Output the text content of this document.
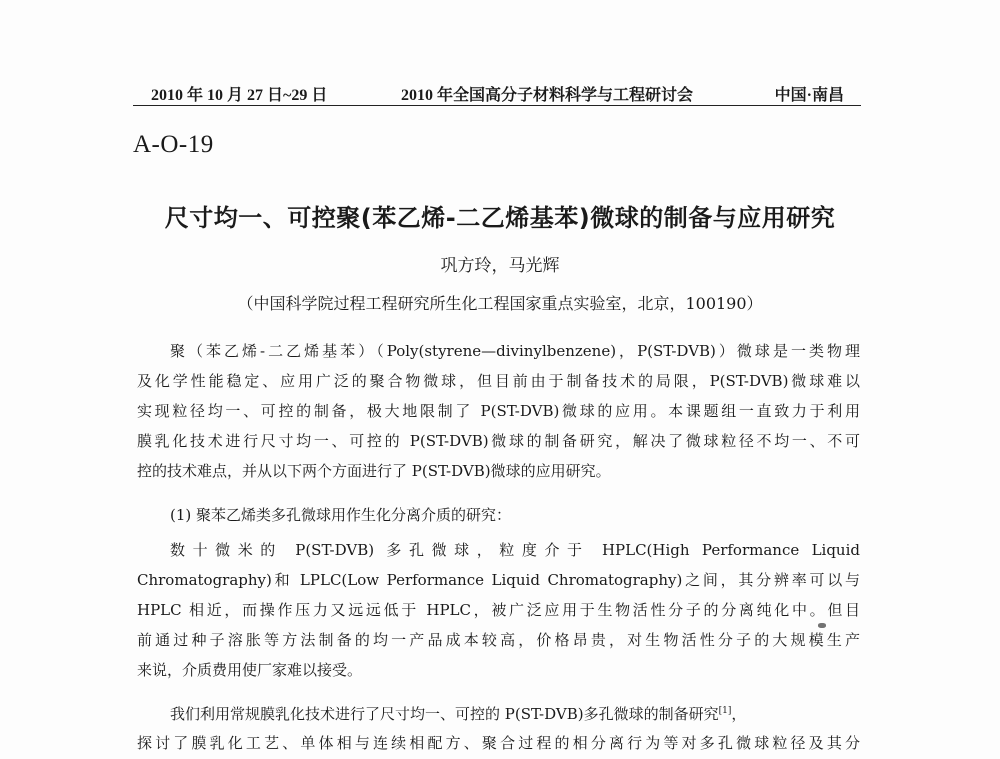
2010 年 10 月 27 日~29 日	2010 年全国高分子材料科学与工程研讨会	中国·南昌
A-O-19
尺寸均一、可控聚(苯乙烯-二乙烯基苯)微球的制备与应用研究
巩方玲，马光辉
（中国科学院过程工程研究所生化工程国家重点实验室，北京，100190）
聚（苯乙烯-二乙烯基苯）（Poly(styrene—divinylbenzene)，P(ST-DVB)）微球是一类物理
及化学性能稳定、应用广泛的聚合物微球，但目前由于制备技术的局限，P(ST-DVB)微球难以
实现粒径均一、可控的制备，极大地限制了 P(ST-DVB)微球的应用。本课题组一直致力于利用
膜乳化技术进行尺寸均一、可控的 P(ST-DVB)微球的制备研究，解决了微球粒径不均一、不可
控的技术难点，并从以下两个方面进行了 P(ST-DVB)微球的应用研究。
(1) 聚苯乙烯类多孔微球用作生化分离介质的研究：
数十微米的 P(ST-DVB) 多孔微球，粒度介于 HPLC(High Performance Liquid
Chromatography)和 LPLC(Low Performance Liquid Chromatography)之间，其分辨率可以与
HPLC 相近，而操作压力又远远低于 HPLC，被广泛应用于生物活性分子的分离纯化中。但目
前通过种子溶胀等方法制备的均一产品成本较高，价格昂贵，对生物活性分子的大规模生产
来说，介质费用使厂家难以接受。
我们利用常规膜乳化技术进行了尺寸均一、可控的 P(ST-DVB)多孔微球的制备研究[1]，
探讨了膜乳化工艺、单体相与连续相配方、聚合过程的相分离行为等对多孔微球粒径及其分
